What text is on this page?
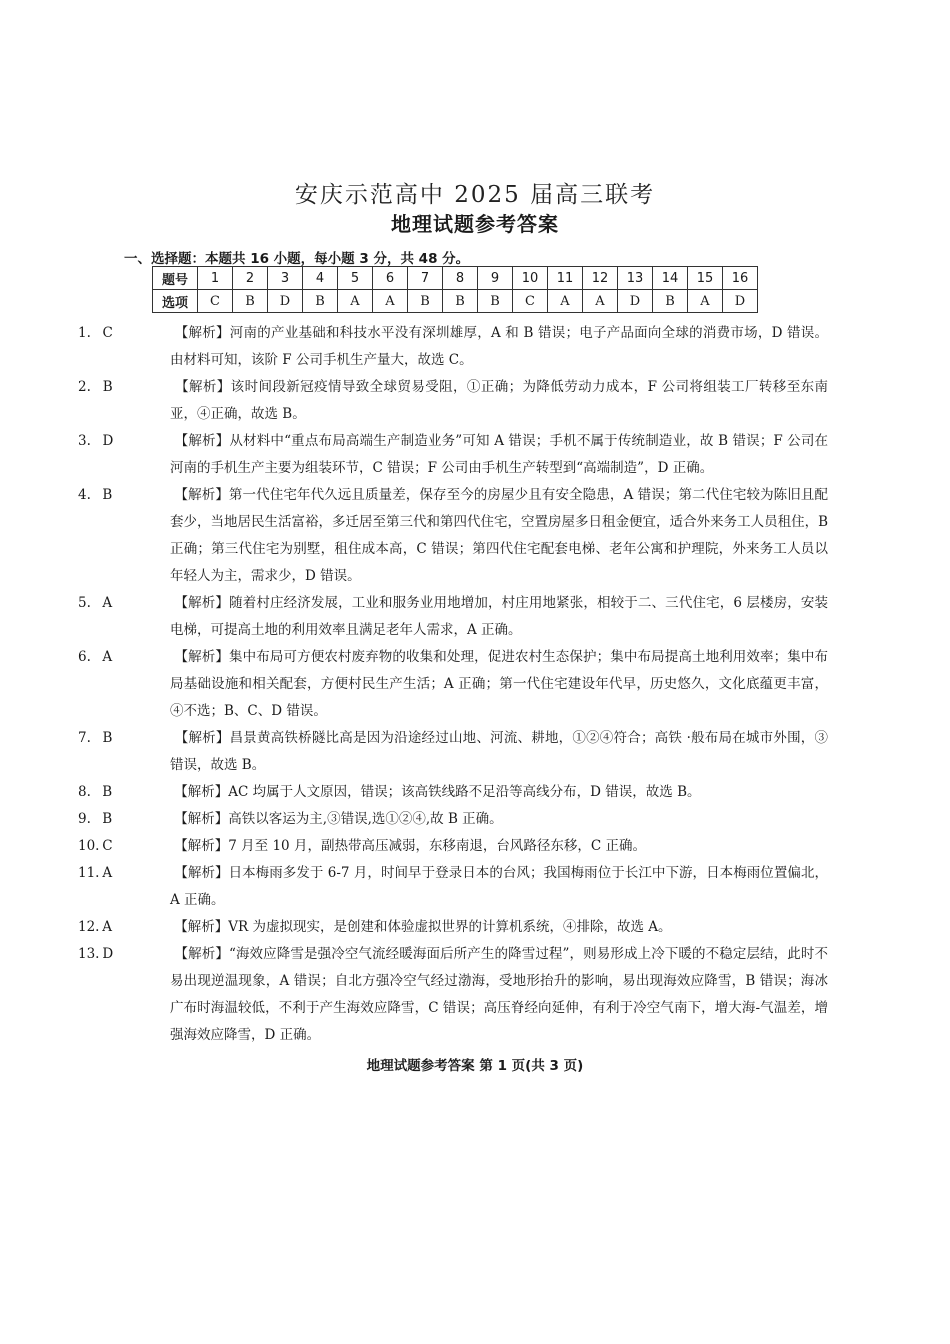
安庆示范高中 2025 届高三联考
地理试题参考答案
一、选择题：本题共 16 小题，每小题 3 分，共 48 分。
题号	1	2	3	4	5	6	7	8	9	10	11	12	13	14	15	16
选项	C	B	D	B	A	A	B	B	B	C	A	A	D	B	A	D
1. C	【解析】河南的产业基础和科技水平没有深圳雄厚，A 和 B 错误；电子产品面向全球的消费市场，D 错误。由材料可知，该阶 F 公司手机生产量大，故选 C。
2. B	【解析】该时间段新冠疫情导致全球贸易受阻，①正确；为降低劳动力成本，F 公司将组装工厂转移至东南亚，④正确，故选 B。
3. D	【解析】从材料中“重点布局高端生产制造业务”可知 A 错误；手机不属于传统制造业，故 B 错误；F 公司在河南的手机生产主要为组装环节，C 错误；F 公司由手机生产转型到“高端制造”，D 正确。
4. B	【解析】第一代住宅年代久远且质量差，保存至今的房屋少且有安全隐患，A 错误；第二代住宅较为陈旧且配套少，当地居民生活富裕，多迁居至第三代和第四代住宅，空置房屋多日租金便宜，适合外来务工人员租住，B 正确；第三代住宅为别墅，租住成本高，C 错误；第四代住宅配套电梯、老年公寓和护理院，外来务工人员以年轻人为主，需求少，D 错误。
5. A	【解析】随着村庄经济发展，工业和服务业用地增加，村庄用地紧张，相较于二、三代住宅，6 层楼房，安装电梯，可提高土地的利用效率且满足老年人需求，A 正确。
6. A	【解析】集中布局可方便农村废弃物的收集和处理，促进农村生态保护；集中布局提高土地利用效率；集中布局基础设施和相关配套，方便村民生产生活；A 正确；第一代住宅建设年代早，历史悠久，文化底蕴更丰富，④不选；B、C、D 错误。
7. B	【解析】昌景黄高铁桥隧比高是因为沿途经过山地、河流、耕地，①②④符合；高铁 ·般布局在城市外围，③错误，故选 B。
8. B	【解析】AC 均属于人文原因，错误；该高铁线路不足沿等高线分布，D 错误，故选 B。
9. B	【解析】高铁以客运为主,③错误,选①②④,故 B 正确。
10. C	【解析】7 月至 10 月，副热带高压减弱，东移南退，台风路径东移，C 正确。
11. A	【解析】日本梅雨多发于 6-7 月，时间早于登录日本的台风；我国梅雨位于长江中下游，日本梅雨位置偏北，A 正确。
12. A	【解析】VR 为虚拟现实，是创建和体验虚拟世界的计算机系统，④排除，故选 A。
13. D	【解析】“海效应降雪是强冷空气流经暖海面后所产生的降雪过程”，则易形成上冷下暖的不稳定层结，此时不易出现逆温现象，A 错误；自北方强冷空气经过渤海，受地形抬升的影响，易出现海效应降雪，B 错误；海冰广布时海温较低，不利于产生海效应降雪，C 错误；高压脊经向延伸，有利于冷空气南下，增大海-气温差，增强海效应降雪，D 正确。
地理试题参考答案 第 1 页(共 3 页)
